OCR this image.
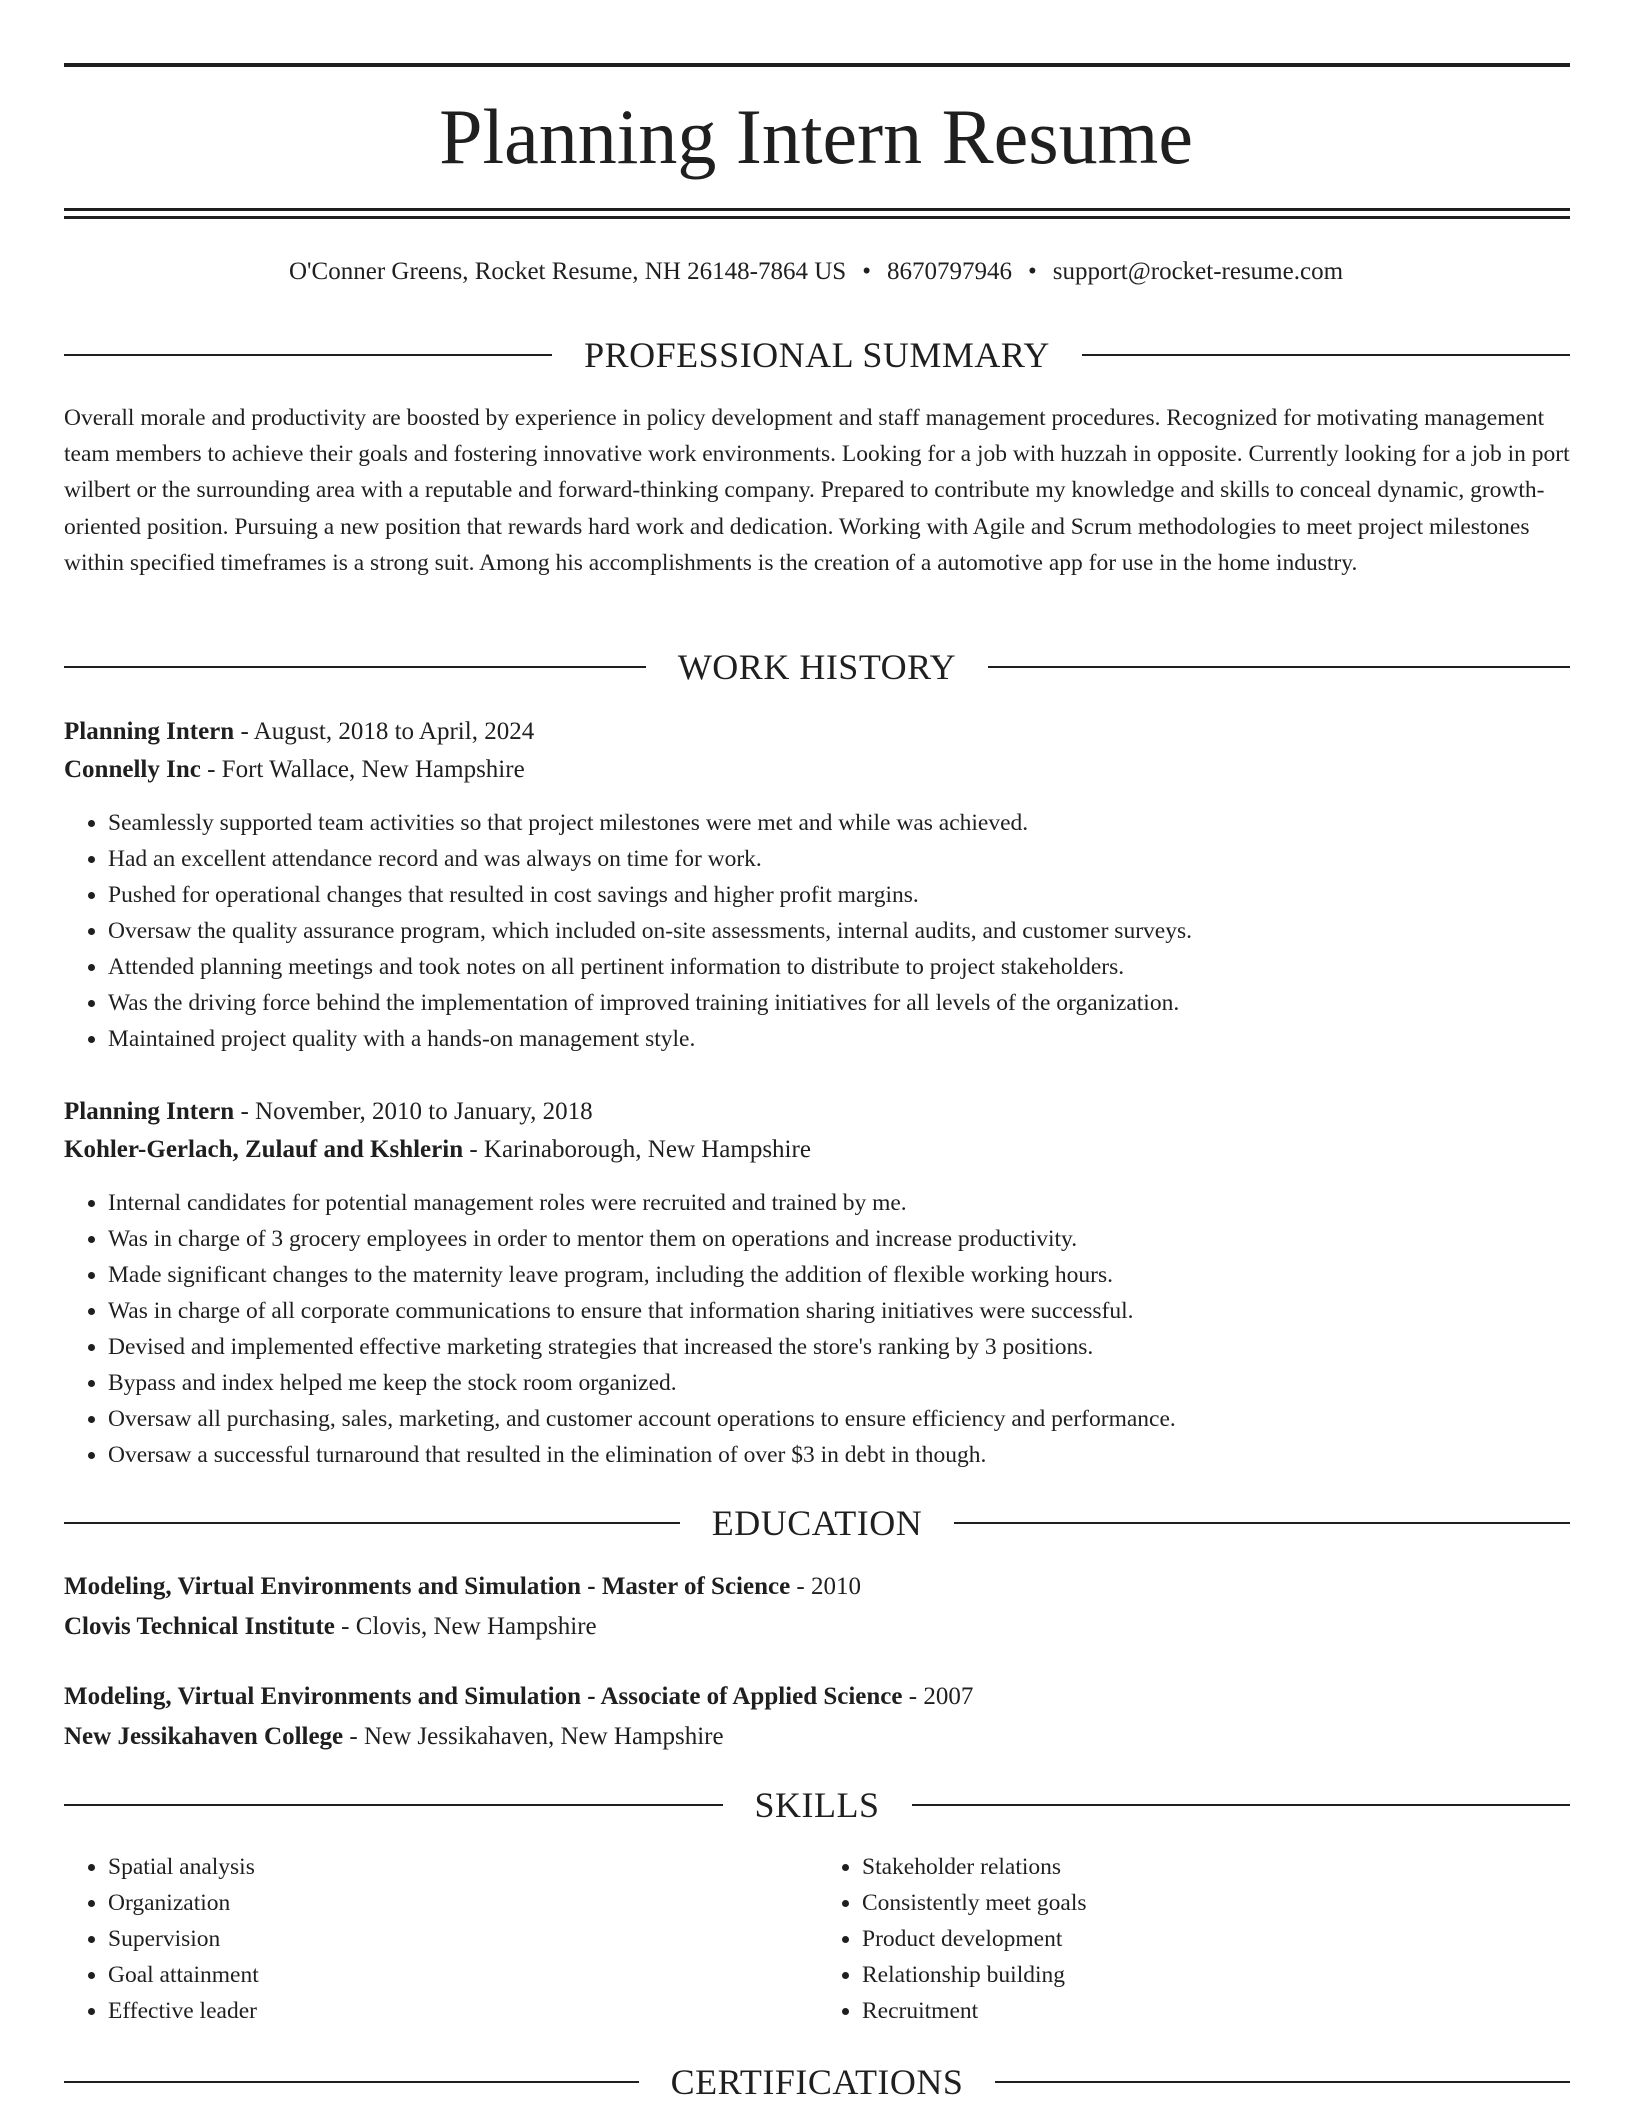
Planning Intern Resume
O'Conner Greens, Rocket Resume, NH 26148-7864 US • 8670797946 • support@rocket-resume.com
PROFESSIONAL SUMMARY

Overall morale and productivity are boosted by experience in policy development and staff management procedures. Recognized for motivating management team members to achieve their goals and fostering innovative work environments. Looking for a job with huzzah in opposite. Currently looking for a job in port wilbert or the surrounding area with a reputable and forward-thinking company. Prepared to contribute my knowledge and skills to conceal dynamic, growth-oriented position. Pursuing a new position that rewards hard work and dedication. Working with Agile and Scrum methodologies to meet project milestones within specified timeframes is a strong suit. Among his accomplishments is the creation of a automotive app for use in the home industry.

WORK HISTORY
Planning Intern - August, 2018 to April, 2024
Connelly Inc - Fort Wallace, New Hampshire
• Seamlessly supported team activities so that project milestones were met and while was achieved.
• Had an excellent attendance record and was always on time for work.
• Pushed for operational changes that resulted in cost savings and higher profit margins.
• Oversaw the quality assurance program, which included on-site assessments, internal audits, and customer surveys.
• Attended planning meetings and took notes on all pertinent information to distribute to project stakeholders.
• Was the driving force behind the implementation of improved training initiatives for all levels of the organization.
• Maintained project quality with a hands-on management style.
Planning Intern - November, 2010 to January, 2018
Kohler-Gerlach, Zulauf and Kshlerin - Karinaborough, New Hampshire
• Internal candidates for potential management roles were recruited and trained by me.
• Was in charge of 3 grocery employees in order to mentor them on operations and increase productivity.
• Made significant changes to the maternity leave program, including the addition of flexible working hours.
• Was in charge of all corporate communications to ensure that information sharing initiatives were successful.
• Devised and implemented effective marketing strategies that increased the store's ranking by 3 positions.
• Bypass and index helped me keep the stock room organized.
• Oversaw all purchasing, sales, marketing, and customer account operations to ensure efficiency and performance.
• Oversaw a successful turnaround that resulted in the elimination of over $3 in debt in though.
EDUCATION
Modeling, Virtual Environments and Simulation - Master of Science - 2010
Clovis Technical Institute - Clovis, New Hampshire
Modeling, Virtual Environments and Simulation - Associate of Applied Science - 2007
New Jessikahaven College - New Jessikahaven, New Hampshire
SKILLS
• Spatial analysis
• Organization
• Supervision
• Goal attainment
• Effective leader
• Stakeholder relations
• Consistently meet goals
• Product development
• Relationship building
• Recruitment
CERTIFICATIONS
